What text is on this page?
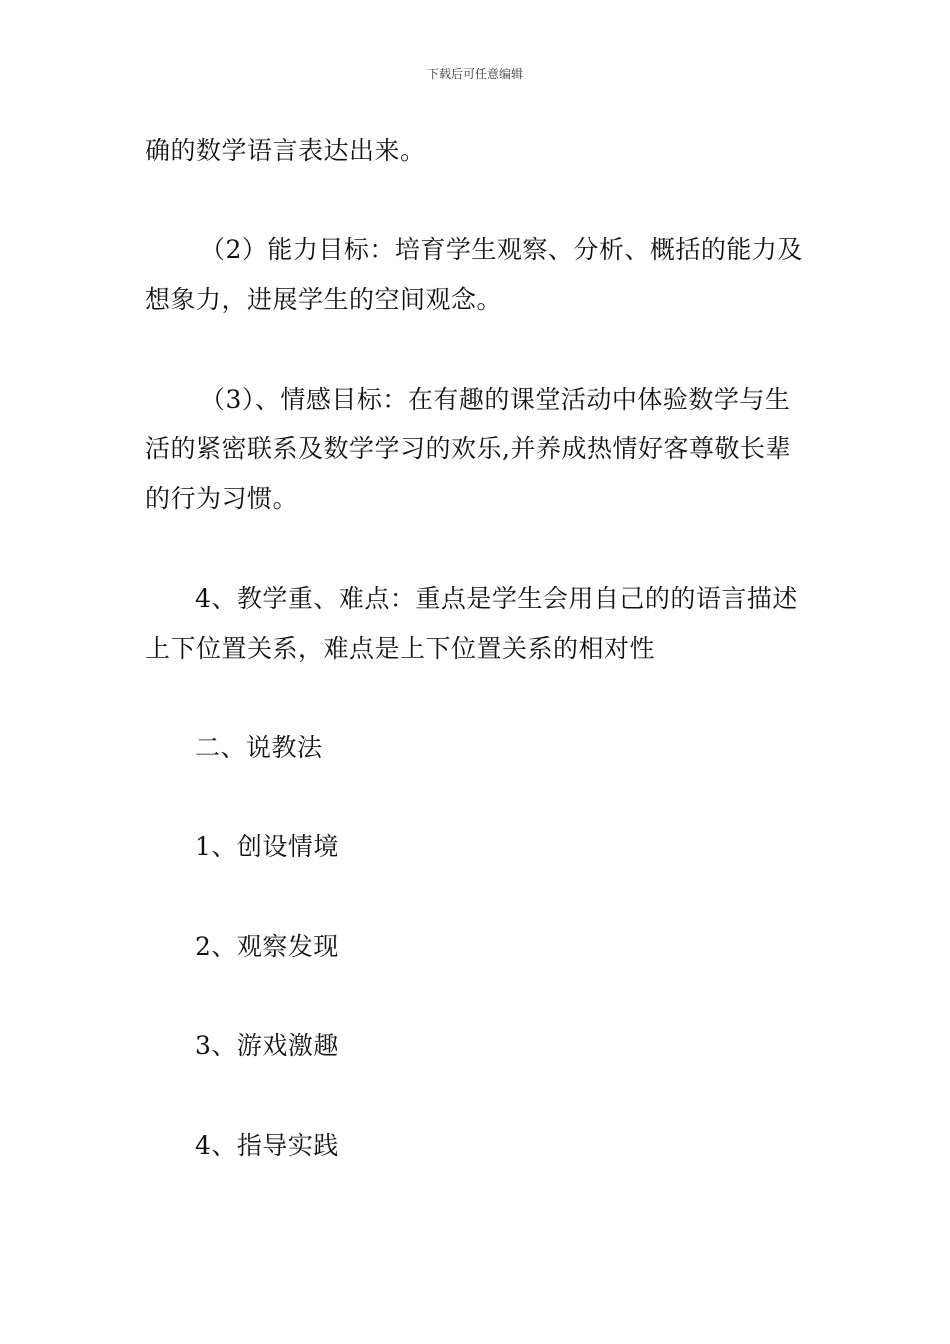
下载后可任意编辑
确的数学语言表达出来。
（2）能力目标：培育学生观察、分析、概括的能力及
想象力，进展学生的空间观念。
（3）、情感目标：在有趣的课堂活动中体验数学与生
活的紧密联系及数学学习的欢乐,并养成热情好客尊敬长辈
的行为习惯。
4、教学重、难点：重点是学生会用自己的的语言描述
上下位置关系，难点是上下位置关系的相对性
二、说教法
1、创设情境
2、观察发现
3、游戏激趣
4、指导实践
